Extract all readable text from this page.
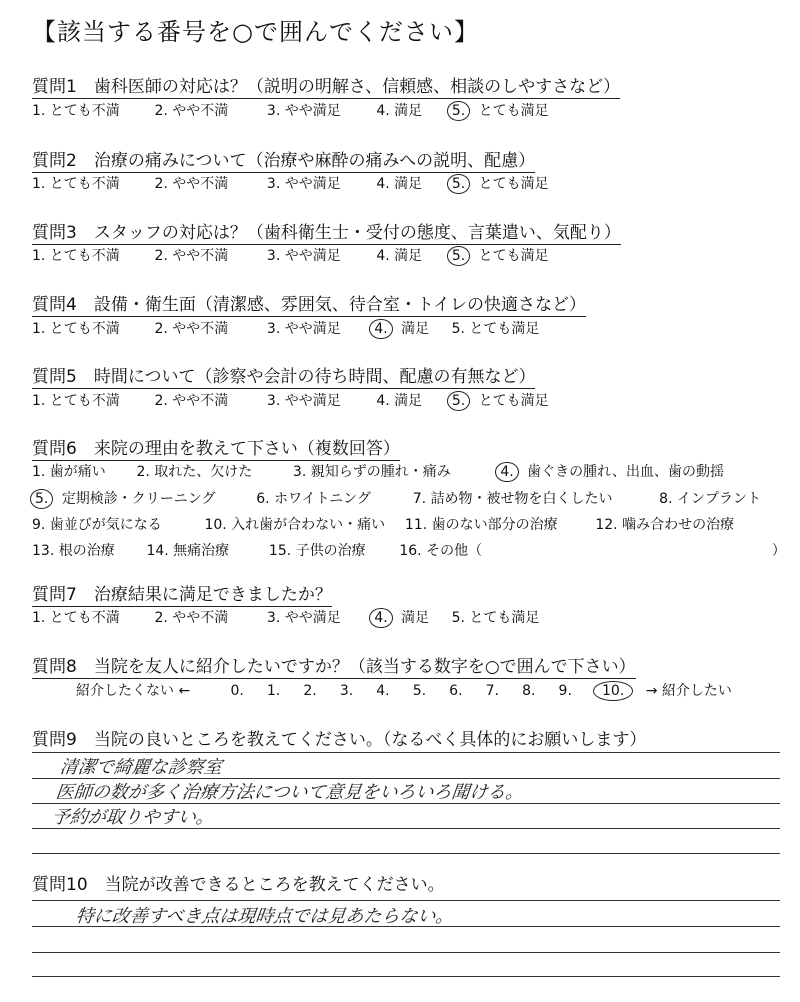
【該当する番号を○で囲んでください】
質問1　歯科医師の対応は？（説明の明解さ、信頼感、相談のしやすさなど）
1. とても不満 2. やや不満	3. やや満足	4. 満足 5. とても満足
質問2　治療の痛みについて（治療や麻酔の痛みへの説明、配慮）
1. とても不満 2. やや不満	3. やや満足	4. 満足 5. とても満足
質問3　スタッフの対応は？（歯科衛生士・受付の態度、言葉遣い、気配り）
1. とても不満 2. やや不満	3. やや満足	4. 満足 5. とても満足
質問4　設備・衛生面（清潔感、雰囲気、待合室・トイレの快適さなど）
1. とても不満 2. やや不満	3. やや満足 4. 満足 5. とても満足
質問5　時間について（診察や会計の待ち時間、配慮の有無など）
1. とても不満 2. やや不満	3. やや満足	4. 満足 5. とても満足
質問6　来院の理由を教えて下さい（複数回答）
1. 歯が痛い 2. 取れた、欠けた	3. 親知らずの腫れ・痛み	4. 歯ぐきの腫れ、出血、歯の動揺
5. 定期検診・クリーニング	6. ホワイトニング	7. 詰め物・被せ物を白くしたい	8. インプラント
9. 歯並びが気になる	10. 入れ歯が合わない・痛い 11. 歯のない部分の治療	12. 噛み合わせの治療
13. 根の治療 14. 無痛治療	15. 子供の治療 16. その他（	）
質問7　治療結果に満足できましたか？
1. とても不満 2. やや不満	3. やや満足 4. 満足 5. とても満足
質問8　当院を友人に紹介したいですか？（該当する数字を○で囲んで下さい）
紹介したくない ←	0. 1. 2. 3. 4. 5. 6. 7. 8. 9. 10. → 紹介したい
質問9　当院の良いところを教えてください。（なるべく具体的にお願いします）
清潔で綺麗な診察室
医師の数が多く治療方法について意見をいろいろ聞ける。
予約が取りやすい。
質問10　当院が改善できるところを教えてください。
特に改善すべき点は現時点では見あたらない。
